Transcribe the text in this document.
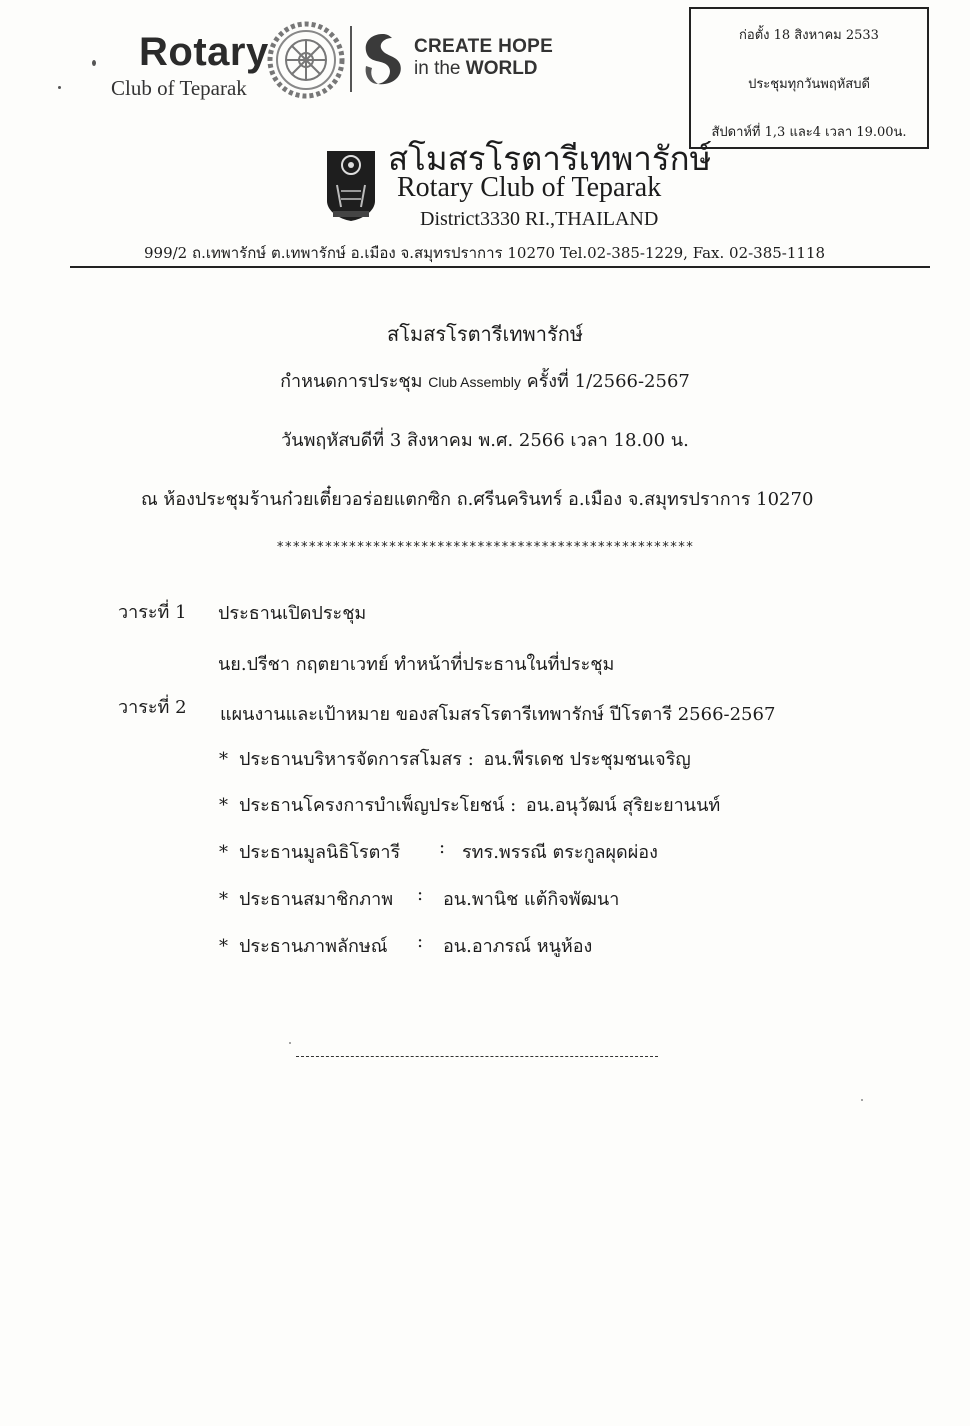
Rotary
Club of Teparak
CREATE HOPE
in the WORLD
ก่อตั้ง 18 สิงหาคม 2533
ประชุมทุกวันพฤหัสบดี
สัปดาห์ที่ 1,3 และ4 เวลา 19.00น.
สโมสรโรตารีเทพารักษ์
Rotary Club of Teparak
District3330 RI.,THAILAND
999/2 ถ.เทพารักษ์ ต.เทพารักษ์ อ.เมือง จ.สมุทรปราการ 10270 Tel.02-385-1229, Fax. 02-385-1118
สโมสรโรตารีเทพารักษ์
กำหนดการประชุม Club Assembly ครั้งที่ 1/2566-2567
วันพฤหัสบดีที่ 3 สิงหาคม พ.ศ. 2566 เวลา 18.00 น.
ณ ห้องประชุมร้านก๋วยเตี๋ยวอร่อยแตกซิก ถ.ศรีนครินทร์ อ.เมือง จ.สมุทรปราการ 10270
****************************************************
วาระที่ 1 ประธานเปิดประชุม
นย.ปรีชา กฤตยาเวทย์ ทำหน้าที่ประธานในที่ประชุม
วาระที่ 2 แผนงานและเป้าหมาย ของสโมสรโรตารีเทพารักษ์ ปีโรตารี 2566-2567
* ประธานบริหารจัดการสโมสร : อน.พีรเดช ประชุมชนเจริญ
* ประธานโครงการบำเพ็ญประโยชน์ : อน.อนุวัฒน์ สุริยะยานนท์
* ประธานมูลนิธิโรตารี : รทร.พรรณี ตระกูลผุดผ่อง
* ประธานสมาชิกภาพ : อน.พานิช แต้กิจพัฒนา
* ประธานภาพลักษณ์ : อน.อาภรณ์ หนูห้อง
